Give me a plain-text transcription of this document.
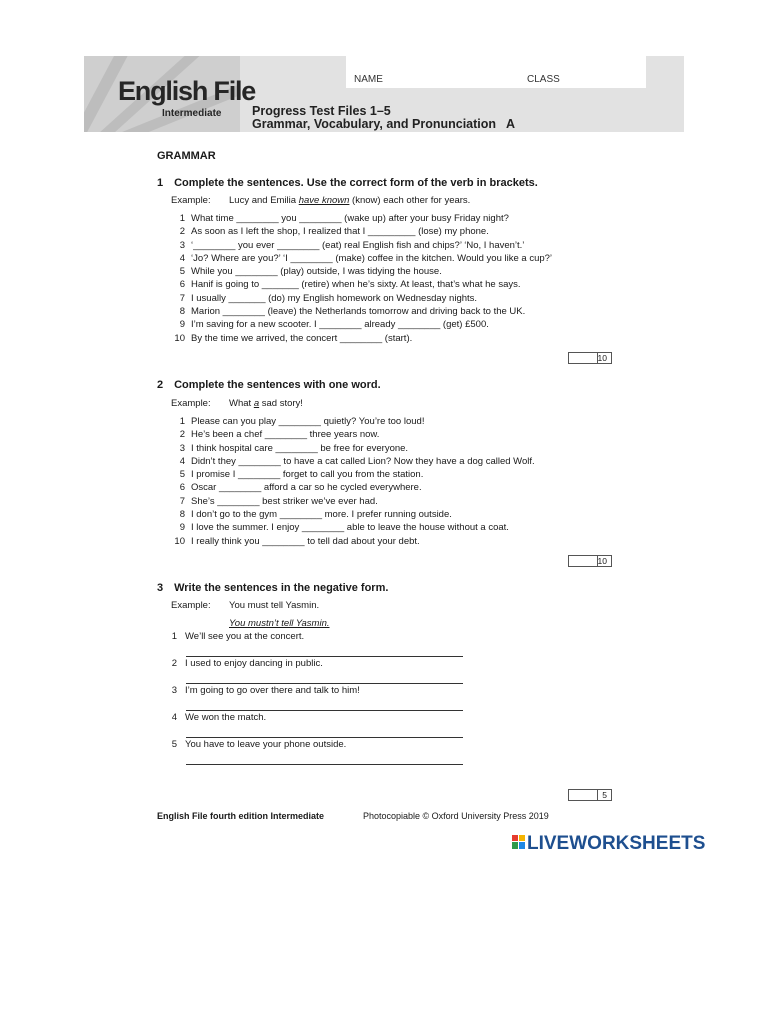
English File
Intermediate
NAME	CLASS
Progress Test Files 1–5
Grammar, Vocabulary, and Pronunciation   A
GRAMMAR
1 Complete the sentences. Use the correct form of the verb in brackets.
Example: Lucy and Emilia have known (know) each other for years.
1 What time ________ you ________ (wake up) after your busy Friday night?
2 As soon as I left the shop, I realized that I _________ (lose) my phone.
3 ‘________ you ever ________ (eat) real English fish and chips?’ ‘No, I haven’t.’
4 ‘Jo? Where are you?’ ‘I ________ (make) coffee in the kitchen. Would you like a cup?’
5 While you ________ (play) outside, I was tidying the house.
6 Hanif is going to _______ (retire) when he’s sixty. At least, that’s what he says.
7 I usually _______ (do) my English homework on Wednesday nights.
8 Marion ________ (leave) the Netherlands tomorrow and driving back to the UK.
9 I’m saving for a new scooter. I ________ already ________ (get) £500.
10 By the time we arrived, the concert ________ (start).
10
2 Complete the sentences with one word.
Example: What a sad story!
1 Please can you play ________ quietly? You’re too loud!
2 He’s been a chef ________ three years now.
3 I think hospital care ________ be free for everyone.
4 Didn’t they ________ to have a cat called Lion? Now they have a dog called Wolf.
5 I promise I ________ forget to call you from the station.
6 Oscar ________ afford a car so he cycled everywhere.
7 She’s ________ best striker we’ve ever had.
8 I don’t go to the gym ________ more. I prefer running outside.
9 I love the summer. I enjoy ________ able to leave the house without a coat.
10 I really think you ________ to tell dad about your debt.
10
3 Write the sentences in the negative form.
Example: You must tell Yasmin.
You mustn’t tell Yasmin.
1 We’ll see you at the concert.
2 I used to enjoy dancing in public.
3 I’m going to go over there and talk to him!
4 We won the match.
5 You have to leave your phone outside.
5
English File fourth edition Intermediate	Photocopiable © Oxford University Press 2019
LIVEWORKSHEETS
